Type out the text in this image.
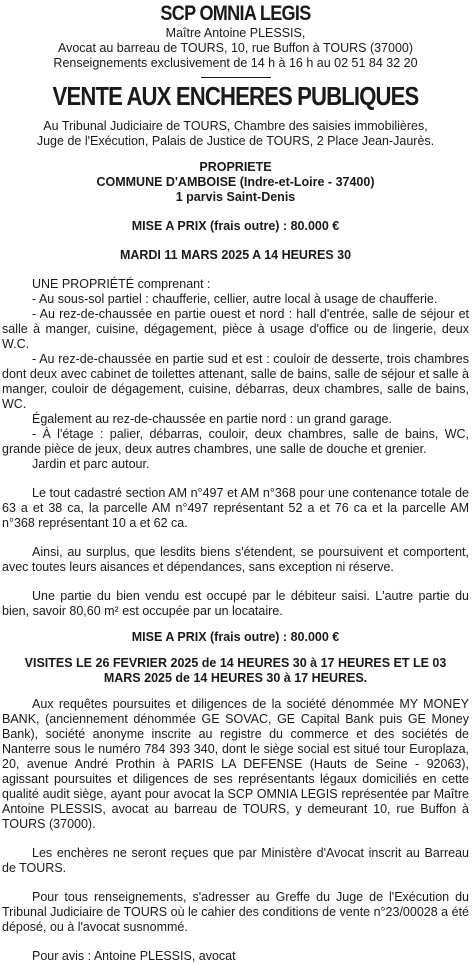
SCP OMNIA LEGIS
Maître Antoine PLESSIS,
Avocat au barreau de TOURS, 10, rue Buffon à TOURS (37000)
Renseignements exclusivement de 14 h à 16 h au 02 51 84 32 20
VENTE AUX ENCHERES PUBLIQUES
Au Tribunal Judiciaire de TOURS, Chambre des saisies immobilières,
Juge de l'Exécution, Palais de Justice de TOURS, 2 Place Jean-Jaurès.
PROPRIETE
COMMUNE D'AMBOISE (Indre-et-Loire - 37400)
1 parvis Saint-Denis
MISE A PRIX (frais outre) : 80.000 €
MARDI 11 MARS 2025 A 14 HEURES 30

UNE PROPRIÉTÉ comprenant :

- Au sous-sol partiel : chaufferie, cellier, autre local à usage de chaufferie.

- Au rez-de-chaussée en partie ouest et nord : hall d'entrée, salle de séjour et salle à manger, cuisine, dégagement, pièce à usage d'office ou de lingerie, deux W.C.

- Au rez-de-chaussée en partie sud et est : couloir de desserte, trois chambres dont deux avec cabinet de toilettes attenant, salle de bains, salle de séjour et salle à manger, couloir de dégagement, cuisine, débarras, deux chambres, salle de bains, WC.

Également au rez-de-chaussée en partie nord : un grand garage.

- À l'étage : palier, débarras, couloir, deux chambres, salle de bains, WC, grande pièce de jeux, deux autres chambres, une salle de douche et grenier.

Jardin et parc autour.

Le tout cadastré section AM n°497 et AM n°368 pour une contenance totale de 63 a et 38 ca, la parcelle AM n°497 représentant 52 a et 76 ca et la parcelle AM n°368 représentant 10 a et 62 ca.

Ainsi, au surplus, que lesdits biens s'étendent, se poursuivent et comportent, avec toutes leurs aisances et dépendances, sans exception ni réserve.

Une partie du bien vendu est occupé par le débiteur saisi. L'autre partie du bien, savoir 80,60 m² est occupée par un locataire.

MISE A PRIX (frais outre) : 80.000 €
VISITES LE 26 FEVRIER 2025 de 14 HEURES 30 à 17 HEURES ET LE 03
MARS 2025 de 14 HEURES 30 à 17 HEURES.

Aux requêtes poursuites et diligences de la société dénommée MY MONEY BANK, (anciennement dénommée GE SOVAC, GE Capital Bank puis GE Money Bank), société anonyme inscrite au registre du commerce et des sociétés de Nanterre sous le numéro 784 393 340, dont le siège social est situé tour Europlaza, 20, avenue André Prothin à PARIS LA DEFENSE (Hauts de Seine - 92063), agissant poursuites et diligences de ses représentants légaux domiciliés en cette qualité audit siège, ayant pour avocat la SCP OMNIA LEGIS représentée par Maître Antoine PLESSIS, avocat au barreau de TOURS, y demeurant 10, rue Buffon à TOURS (37000).

Les enchères ne seront reçues que par Ministère d'Avocat inscrit au Barreau de TOURS.

Pour tous renseignements, s'adresser au Greffe du Juge de l'Exécution du Tribunal Judiciaire de TOURS où le cahier des conditions de vente n°23/00028 a été déposé, ou à l'avocat susnommé.

Pour avis : Antoine PLESSIS, avocat
